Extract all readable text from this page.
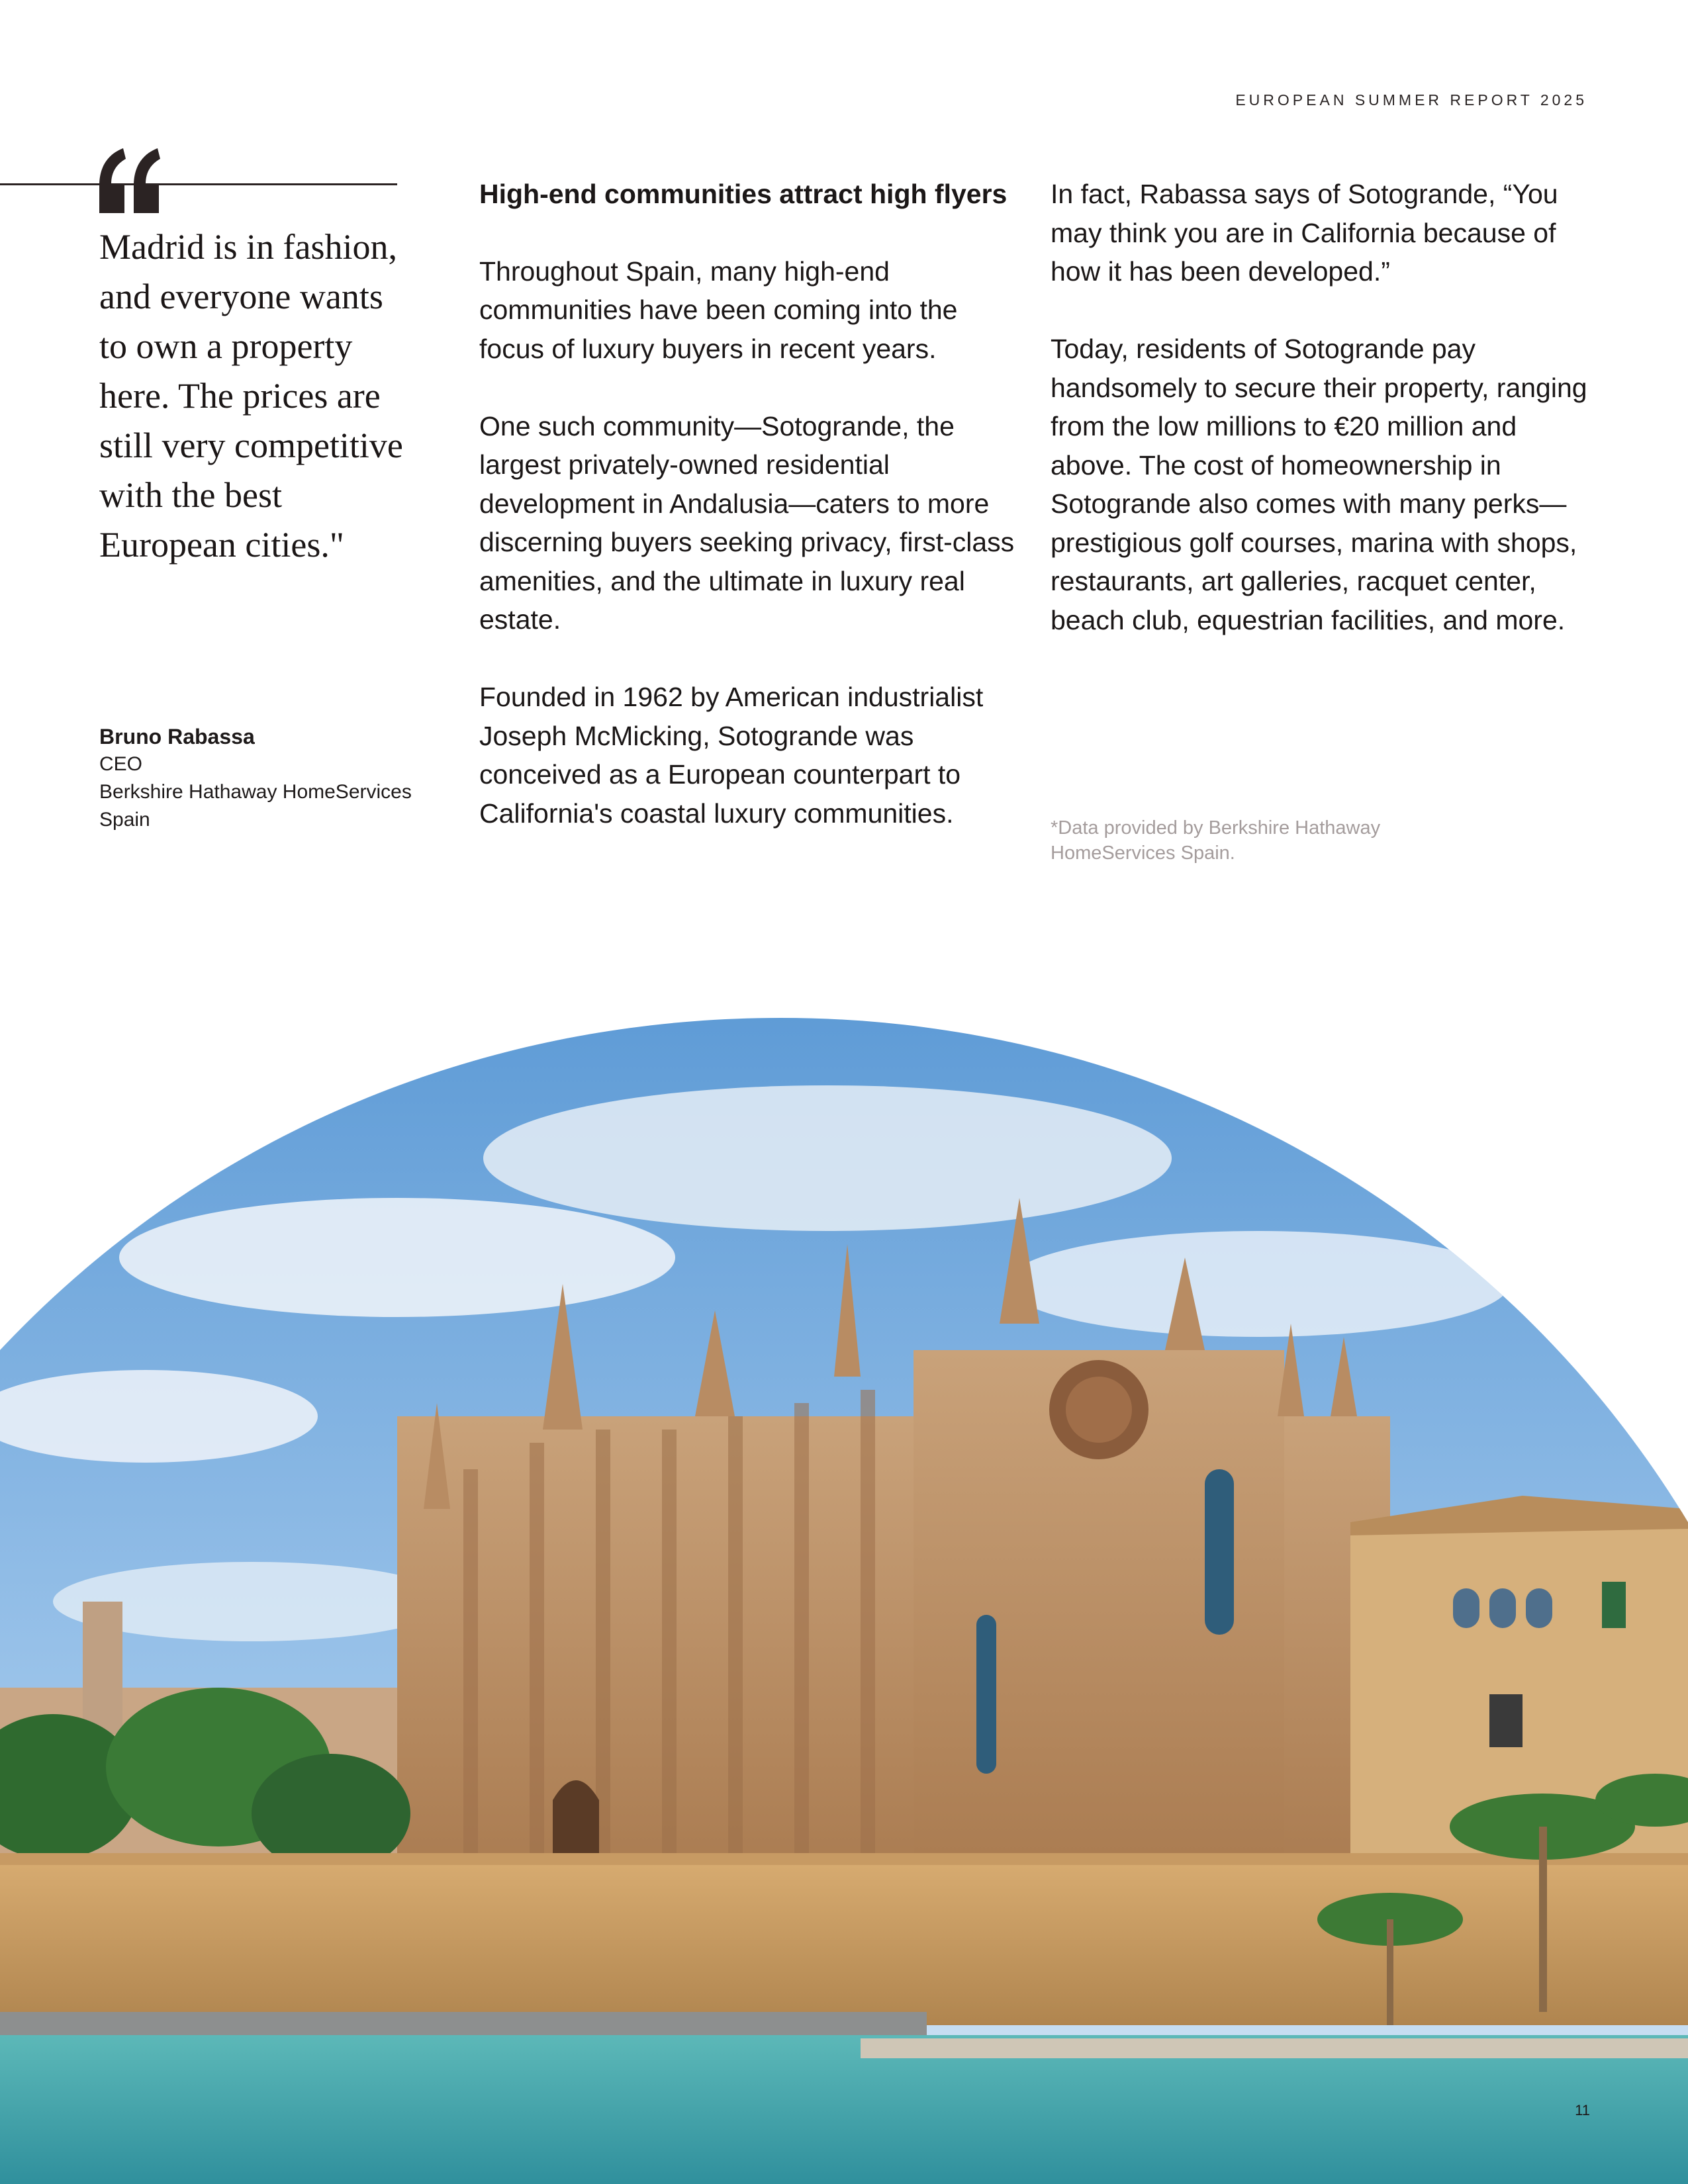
EUROPEAN SUMMER REPORT 2025
Madrid is in fashion, and everyone wants to own a property here. The prices are still very competitive with the best European cities."
Bruno Rabassa
CEO
Berkshire Hathaway HomeServices
Spain
High-end communities attract high flyers

Throughout Spain, many high-end communities have been coming into the focus of luxury buyers in recent years.

One such community—Sotogrande, the largest privately-owned residential development in Andalusia—caters to more discerning buyers seeking privacy, first-class amenities, and the ultimate in luxury real estate.

Founded in 1962 by American industrialist Joseph McMicking, Sotogrande was conceived as a European counterpart to California's coastal luxury communities.

In fact, Rabassa says of Sotogrande, “You may think you are in California because of how it has been developed.”

Today, residents of Sotogrande pay handsomely to secure their property, ranging from the low millions to €20 million and above. The cost of homeownership in Sotogrande also comes with many perks—prestigious golf courses, marina with shops, restaurants, art galleries, racquet center, beach club, equestrian facilities, and more.

*Data provided by Berkshire Hathaway HomeServices Spain.
11
